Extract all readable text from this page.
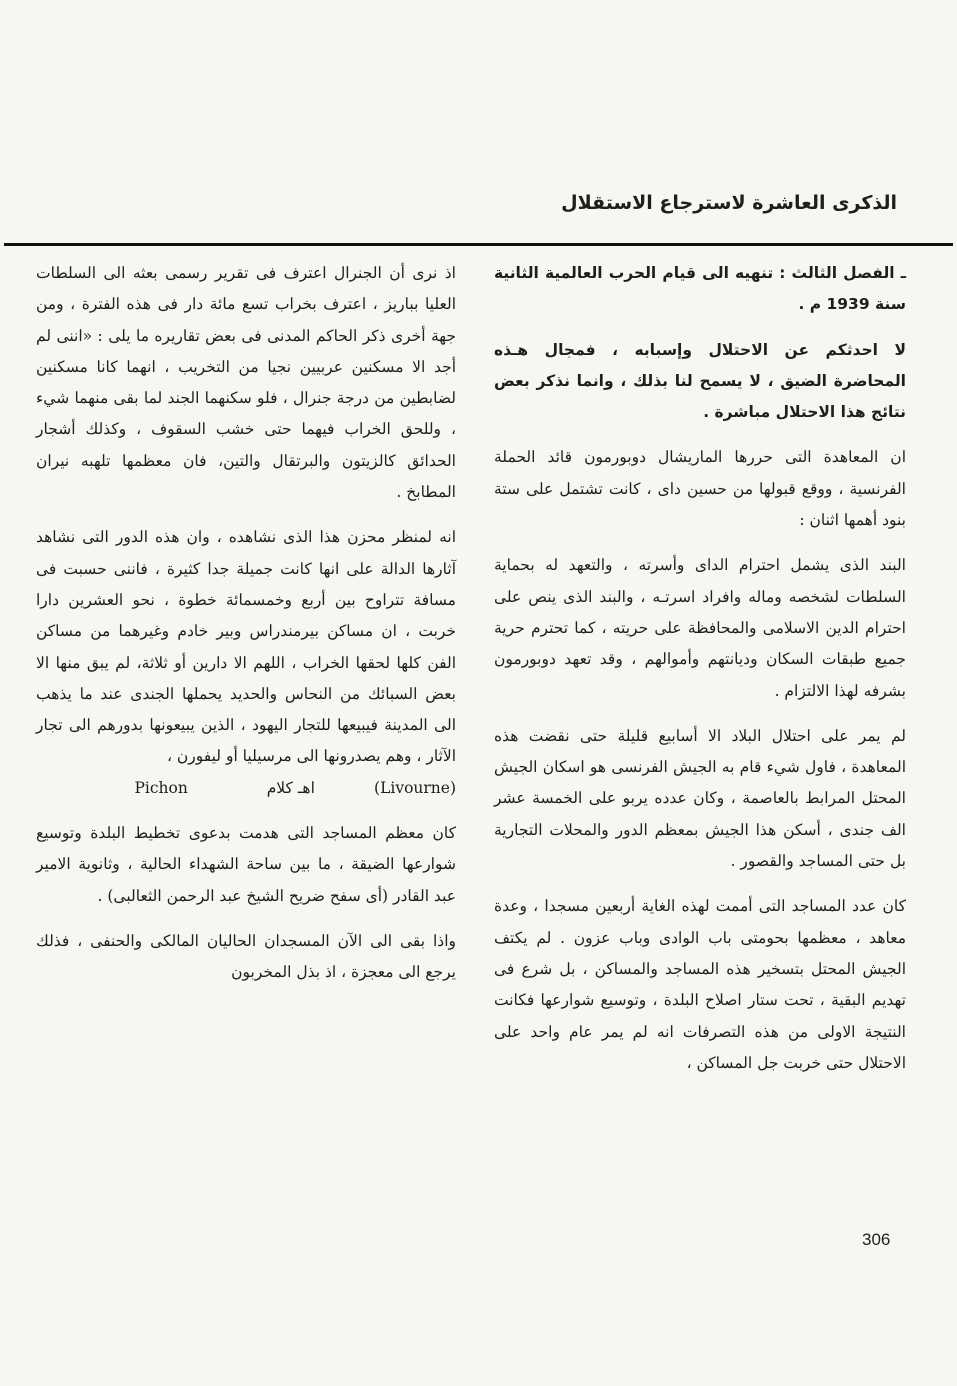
الذكرى العاشرة لاسترجاع الاستقلال

ـ الفصل الثالث : تنهيه الى قيام الحرب العالمية الثانية سنة 1939 م .

لا احدثكم عن الاحتلال وإسبابه ، فمجال هـذه المحاضرة الضيق ، لا يسمح لنا بذلك ، وانما نذكر بعض نتائج هذا الاحتلال مباشرة .

ان المعاهدة التى حررها الماريشال دوبورمون قائد الحملة الفرنسية ، ووقع قبولها من حسين داى ، كانت تشتمل على ستة بنود أهمها اثنان :

البند الذى يشمل احترام الداى وأسرته ، والتعهد له بحماية السلطات لشخصه وماله وافراد اسرتـه ، والبند الذى ينص على احترام الدين الاسلامى والمحافظة على حريته ، كما تحترم حرية جميع طبقات السكان وديانتهم وأموالهم ، وقد تعهد دوبورمون بشرفه لهذا الالتزام .

لم يمر على احتلال البلاد الا أسابيع قليلة حتى نقضت هذه المعاهدة ، فاول شيء قام به الجيش الفرنسى هو اسكان الجيش المحتل المرابط بالعاصمة ، وكان عدده يربو على الخمسة عشر الف جندى ، أسكن هذا الجيش بمعظم الدور والمحلات التجارية بل حتى المساجد والقصور .

كان عدد المساجد التى أممت لهذه الغاية أربعين مسجدا ، وعدة معاهد ، معظمها بحومتى باب الوادى وباب عزون . لم يكتف الجيش المحتل بتسخير هذه المساجد والمساكن ، بل شرع فى تهديم البقية ، تحت ستار اصلاح البلدة ، وتوسيع شوارعها فكانت النتيجة الاولى من هذه التصرفات انه لم يمر عام واحد على الاحتلال حتى خربت جل المساكن ،

اذ نرى أن الجنرال اعترف فى تقرير رسمى بعثه الى السلطات العليا بباريز ، اعترف بخراب تسع مائة دار فى هذه الفترة ، ومن جهة أخرى ذكر الحاكم المدنى فى بعض تقاريره ما يلى : «اننى لم أجد الا مسكنين عربيين نجيا من التخريب ، انهما كانا مسكنين لضابطين من درجة جنرال ، فلو سكنهما الجند لما بقى منهما شيء ، وللحق الخراب فيهما حتى خشب السقوف ، وكذلك أشجار الحدائق كالزيتون والبرتقال والتين، فان معظمها تلهبه نيران المطابخ .

انه لمنظر محزن هذا الذى نشاهده ، وان هذه الدور التى نشاهد آثارها الدالة على انها كانت جميلة جدا كثيرة ، فاننى حسبت فى مسافة تتراوح بين أربع وخمسمائة خطوة ، نحو العشرين دارا خربت ، ان مساكن بيرمندراس وبير خادم وغيرهما من مساكن الفن كلها لحقها الخراب ، اللهم الا دارين أو ثلاثة، لم يبق منها الا بعض السبائك من النحاس والحديد يحملها الجندى عند ما يذهب الى المدينة فيبيعها للتجار اليهود ، الذين يبيعونها بدورهم الى تجار الآثار ، وهم يصدرونها الى مرسيليا أو ليفورن ،

(Livourne)            اهـ كلام                Pichon

كان معظم المساجد التى هدمت بدعوى تخطيط البلدة وتوسيع شوارعها الضيقة ، ما بين ساحة الشهداء الحالية ، وثانوية الامير عبد القادر (أى سفح ضريح الشيخ عبد الرحمن الثعالبى) .

واذا بقى الى الآن المسجدان الحاليان المالكى والحنفى ، فذلك يرجع الى معجزة ، اذ بذل المخربون

306
